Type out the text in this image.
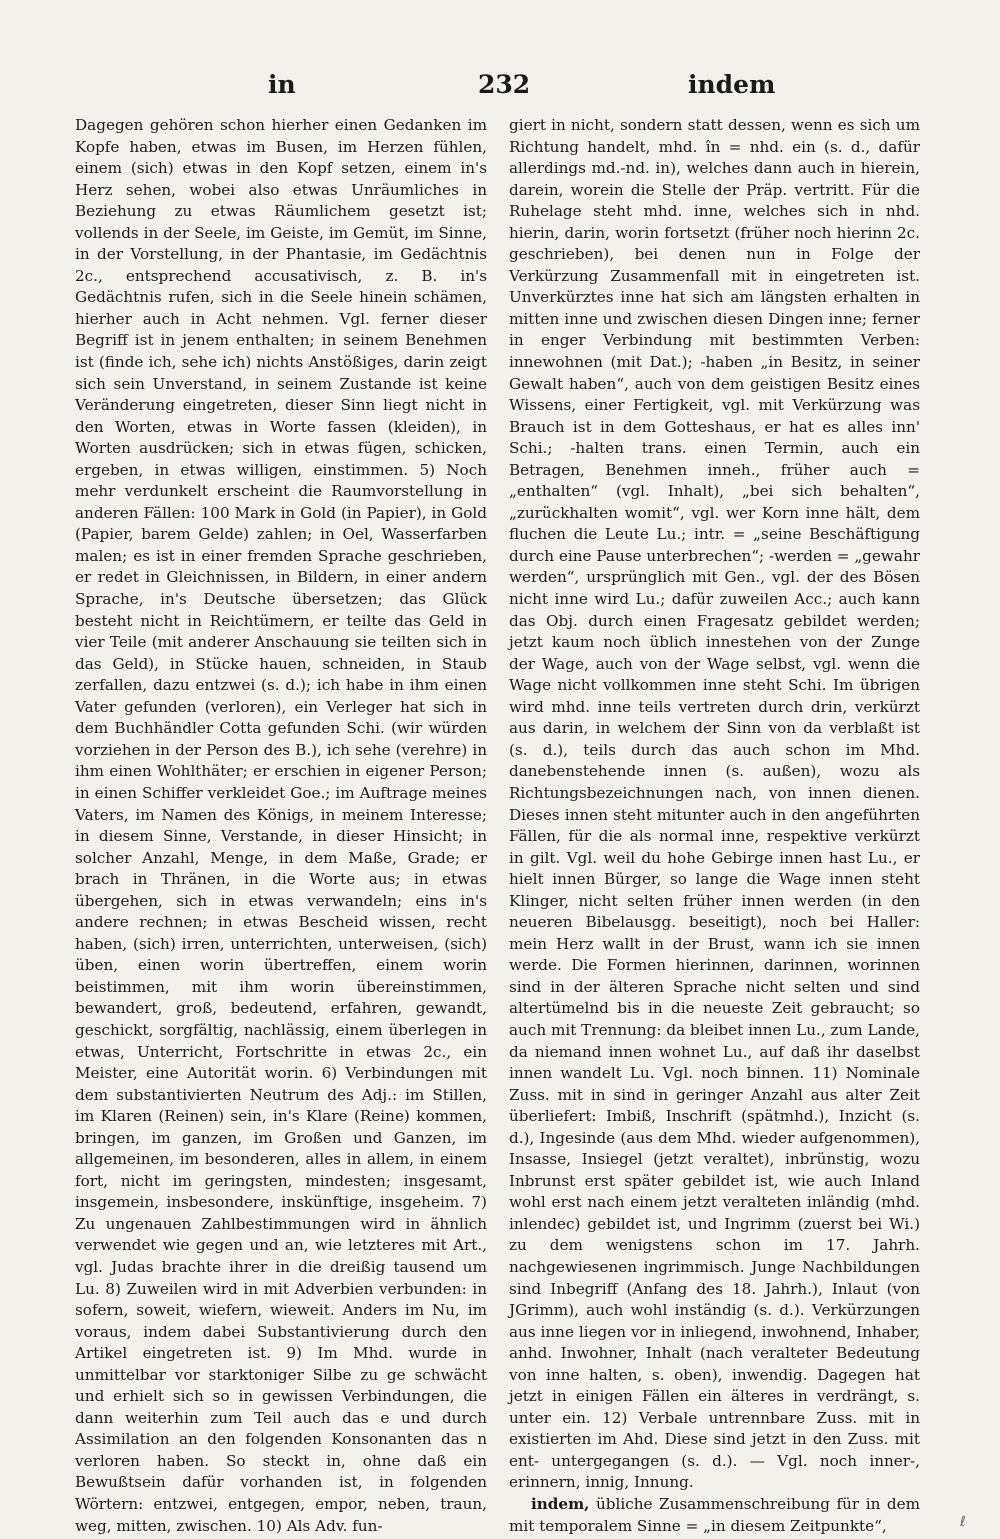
in	232	indem

Dagegen gehören schon hierher einen Gedanken im Kopfe haben, etwas im Busen, im Herzen fühlen, einem (sich) etwas in den Kopf setzen, einem in's Herz sehen, wobei also etwas Unräumliches in Beziehung zu etwas Räumlichem gesetzt ist; vollends in der Seele, im Geiste, im Gemüt, im Sinne, in der Vorstellung, in der Phantasie, im Gedächtnis 2c., entsprechend accusativisch, z. B. in's Gedächtnis rufen, sich in die Seele hinein schämen, hierher auch in Acht nehmen. Vgl. ferner dieser Begriff ist in jenem enthalten; in seinem Benehmen ist (finde ich, sehe ich) nichts Anstößiges, darin zeigt sich sein Unverstand, in seinem Zustande ist keine Veränderung eingetreten, dieser Sinn liegt nicht in den Worten, etwas in Worte fassen (kleiden), in Worten ausdrücken; sich in etwas fügen, schicken, ergeben, in etwas willigen, einstimmen. 5) Noch mehr verdunkelt erscheint die Raumvorstellung in anderen Fällen: 100 Mark in Gold (in Papier), in Gold (Papier, barem Gelde) zahlen; in Oel, Wasserfarben malen; es ist in einer fremden Sprache geschrieben, er redet in Gleichnissen, in Bildern, in einer andern Sprache, in's Deutsche übersetzen; das Glück besteht nicht in Reichtümern, er teilte das Geld in vier Teile (mit anderer Anschauung sie teilten sich in das Geld), in Stücke hauen, schneiden, in Staub zerfallen, dazu entzwei (s. d.); ich habe in ihm einen Vater gefunden (verloren), ein Verleger hat sich in dem Buchhändler Cotta gefunden Schi. (wir würden vorziehen in der Person des B.), ich sehe (verehre) in ihm einen Wohlthäter; er erschien in eigener Person; in einen Schiffer verkleidet Goe.; im Auftrage meines Vaters, im Namen des Königs, in meinem Interesse; in diesem Sinne, Verstande, in dieser Hinsicht; in solcher Anzahl, Menge, in dem Maße, Grade; er brach in Thränen, in die Worte aus; in etwas übergehen, sich in etwas verwandeln; eins in's andere rechnen; in etwas Bescheid wissen, recht haben, (sich) irren, unterrichten, unterweisen, (sich) üben, einen worin übertreffen, einem worin beistimmen, mit ihm worin übereinstimmen, bewandert, groß, bedeutend, erfahren, gewandt, geschickt, sorgfältig, nachlässig, einem überlegen in etwas, Unterricht, Fortschritte in etwas 2c., ein Meister, eine Autorität worin. 6) Verbindungen mit dem substantivierten Neutrum des Adj.: im Stillen, im Klaren (Reinen) sein, in's Klare (Reine) kommen, bringen, im ganzen, im Großen und Ganzen, im allgemeinen, im besonderen, alles in allem, in einem fort, nicht im geringsten, mindesten; insgesamt, insgemein, insbesondere, inskünftige, insgeheim. 7) Zu ungenauen Zahlbestimmungen wird in ähnlich verwendet wie gegen und an, wie letzteres mit Art., vgl. Judas brachte ihrer in die dreißig tausend um Lu. 8) Zuweilen wird in mit Adverbien verbunden: in sofern, soweit, wiefern, wieweit. Anders im Nu, im voraus, indem dabei Substantivierung durch den Artikel eingetreten ist. 9) Im Mhd. wurde in unmittelbar vor starktoniger Silbe zu ge schwächt und erhielt sich so in gewissen Verbindungen, die dann weiterhin zum Teil auch das e und durch Assimilation an den folgenden Konsonanten das n verloren haben. So steckt in, ohne daß ein Bewußtsein dafür vorhanden ist, in folgenden Wörtern: entzwei, entgegen, empor, neben, traun, weg, mitten, zwischen. 10) Als Adv. fun-

giert in nicht, sondern statt dessen, wenn es sich um Richtung handelt, mhd. în = nhd. ein (s. d., dafür allerdings md.-nd. in), welches dann auch in hierein, darein, worein die Stelle der Präp. vertritt. Für die Ruhelage steht mhd. inne, welches sich in nhd. hierin, darin, worin fortsetzt (früher noch hierinn 2c. geschrieben), bei denen nun in Folge der Verkürzung Zusammenfall mit in eingetreten ist. Unverkürztes inne hat sich am längsten erhalten in mitten inne und zwischen diesen Dingen inne; ferner in enger Verbindung mit bestimmten Verben: innewohnen (mit Dat.); -haben „in Besitz, in seiner Gewalt haben“, auch von dem geistigen Besitz eines Wissens, einer Fertigkeit, vgl. mit Verkürzung was Brauch ist in dem Gotteshaus, er hat es alles inn' Schi.; -halten trans. einen Termin, auch ein Betragen, Benehmen inneh., früher auch = „enthalten“ (vgl. Inhalt), „bei sich behalten“, „zurückhalten womit“, vgl. wer Korn inne hält, dem fluchen die Leute Lu.; intr. = „seine Beschäftigung durch eine Pause unterbrechen“; -werden = „gewahr werden“, ursprünglich mit Gen., vgl. der des Bösen nicht inne wird Lu.; dafür zuweilen Acc.; auch kann das Obj. durch einen Fragesatz gebildet werden; jetzt kaum noch üblich innestehen von der Zunge der Wage, auch von der Wage selbst, vgl. wenn die Wage nicht vollkommen inne steht Schi. Im übrigen wird mhd. inne teils vertreten durch drin, verkürzt aus darin, in welchem der Sinn von da verblaßt ist (s. d.), teils durch das auch schon im Mhd. danebenstehende innen (s. außen), wozu als Richtungsbezeichnungen nach, von innen dienen. Dieses innen steht mitunter auch in den angeführten Fällen, für die als normal inne, respektive verkürzt in gilt. Vgl. weil du hohe Gebirge innen hast Lu., er hielt innen Bürger, so lange die Wage innen steht Klinger, nicht selten früher innen werden (in den neueren Bibelausgg. beseitigt), noch bei Haller: mein Herz wallt in der Brust, wann ich sie innen werde. Die Formen hierinnen, darinnen, worinnen sind in der älteren Sprache nicht selten und sind altertümelnd bis in die neueste Zeit gebraucht; so auch mit Trennung: da bleibet innen Lu., zum Lande, da niemand innen wohnet Lu., auf daß ihr daselbst innen wandelt Lu. Vgl. noch binnen. 11) Nominale Zuss. mit in sind in geringer Anzahl aus alter Zeit überliefert: Imbiß, Inschrift (spätmhd.), Inzicht (s. d.), Ingesinde (aus dem Mhd. wieder aufgenommen), Insasse, Insiegel (jetzt veraltet), inbrünstig, wozu Inbrunst erst später gebildet ist, wie auch Inland wohl erst nach einem jetzt veralteten inländig (mhd. inlendec) gebildet ist, und Ingrimm (zuerst bei Wi.) zu dem wenigstens schon im 17. Jahrh. nachgewiesenen ingrimmisch. Junge Nachbildungen sind Inbegriff (Anfang des 18. Jahrh.), Inlaut (von JGrimm), auch wohl inständig (s. d.). Verkürzungen aus inne liegen vor in inliegend, inwohnend, Inhaber, anhd. Inwohner, Inhalt (nach veralteter Bedeutung von inne halten, s. oben), inwendig. Dagegen hat jetzt in einigen Fällen ein älteres in verdrängt, s. unter ein. 12) Verbale untrennbare Zuss. mit in existierten im Ahd. Diese sind jetzt in den Zuss. mit ent- untergegangen (s. d.). — Vgl. noch inner-, erinnern, innig, Innung.

indem, übliche Zusammenschreibung für in dem mit temporalem Sinne = „in diesem Zeitpunkte“,	ℓ
